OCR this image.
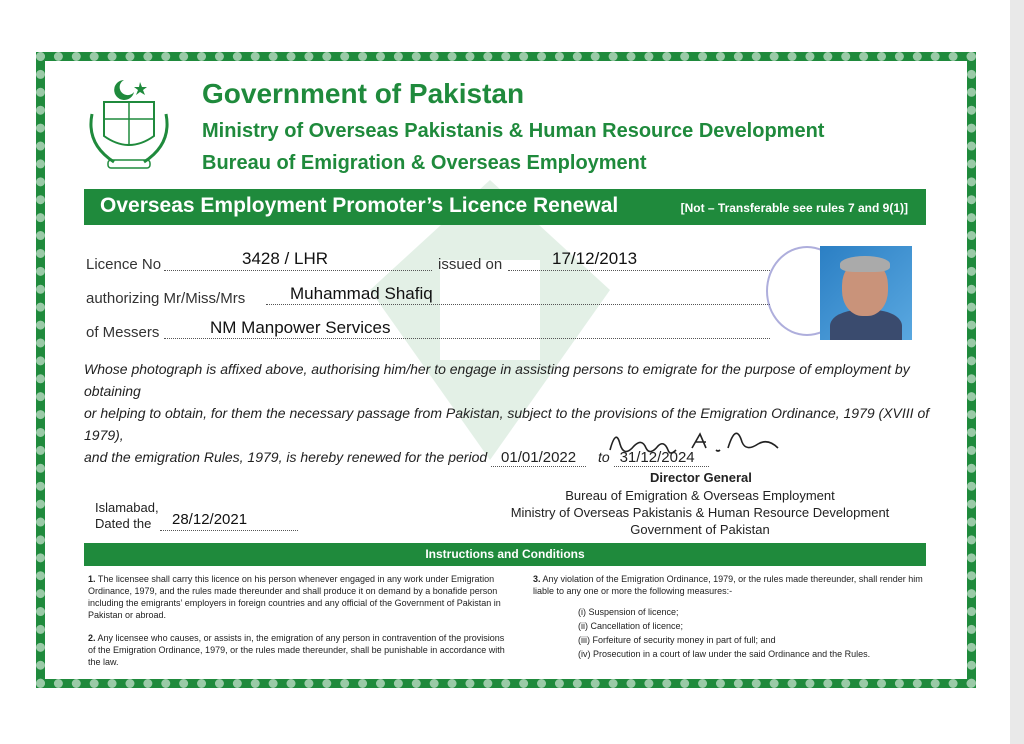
Government of Pakistan
Ministry of Overseas Pakistanis & Human Resource Development
Bureau of Emigration & Overseas Employment
Overseas Employment Promoter’s Licence Renewal	[Not – Transferable see rules 7 and 9(1)]
Licence No	3428 / LHR	issued on	17/12/2013
authorizing Mr/Miss/Mrs	Muhammad Shafiq
of Messers	NM Manpower Services
Whose photograph is affixed above, authorising him/her to engage in assisting persons to emigrate for the purpose of employment by obtaining
or helping to obtain, for them the necessary passage from Pakistan, subject to the provisions of the Emigration Ordinance, 1979 (XVIII of 1979),
and the emigration Rules, 1979, is hereby renewed for the period 01/01/2022 to 31/12/2024
Director General
Bureau of Emigration & Overseas Employment
Ministry of Overseas Pakistanis & Human Resource Development
Government of Pakistan
Islamabad,
Dated the 28/12/2021
Instructions and Conditions
1. The licensee shall carry this licence on his person whenever engaged in any work under Emigration Ordinance, 1979, and the rules made thereunder and shall produce it on demand by a bonafide person including the emigrants’ employers in foreign countries and any official of the Government of Pakistan in Pakistan or abroad.
2. Any licensee who causes, or assists in, the emigration of any person in contravention of the provisions of the Emigration Ordinance, 1979, or the rules made thereunder, shall be punishable in accordance with the law.
3. Any violation of the Emigration Ordinance, 1979, or the rules made thereunder, shall render him liable to any one or more the following measures:-
(i) Suspension of licence;
(ii) Cancellation of licence;
(iii) Forfeiture of security money in part of full; and
(iv) Prosecution in a court of law under the said Ordinance and the Rules.
